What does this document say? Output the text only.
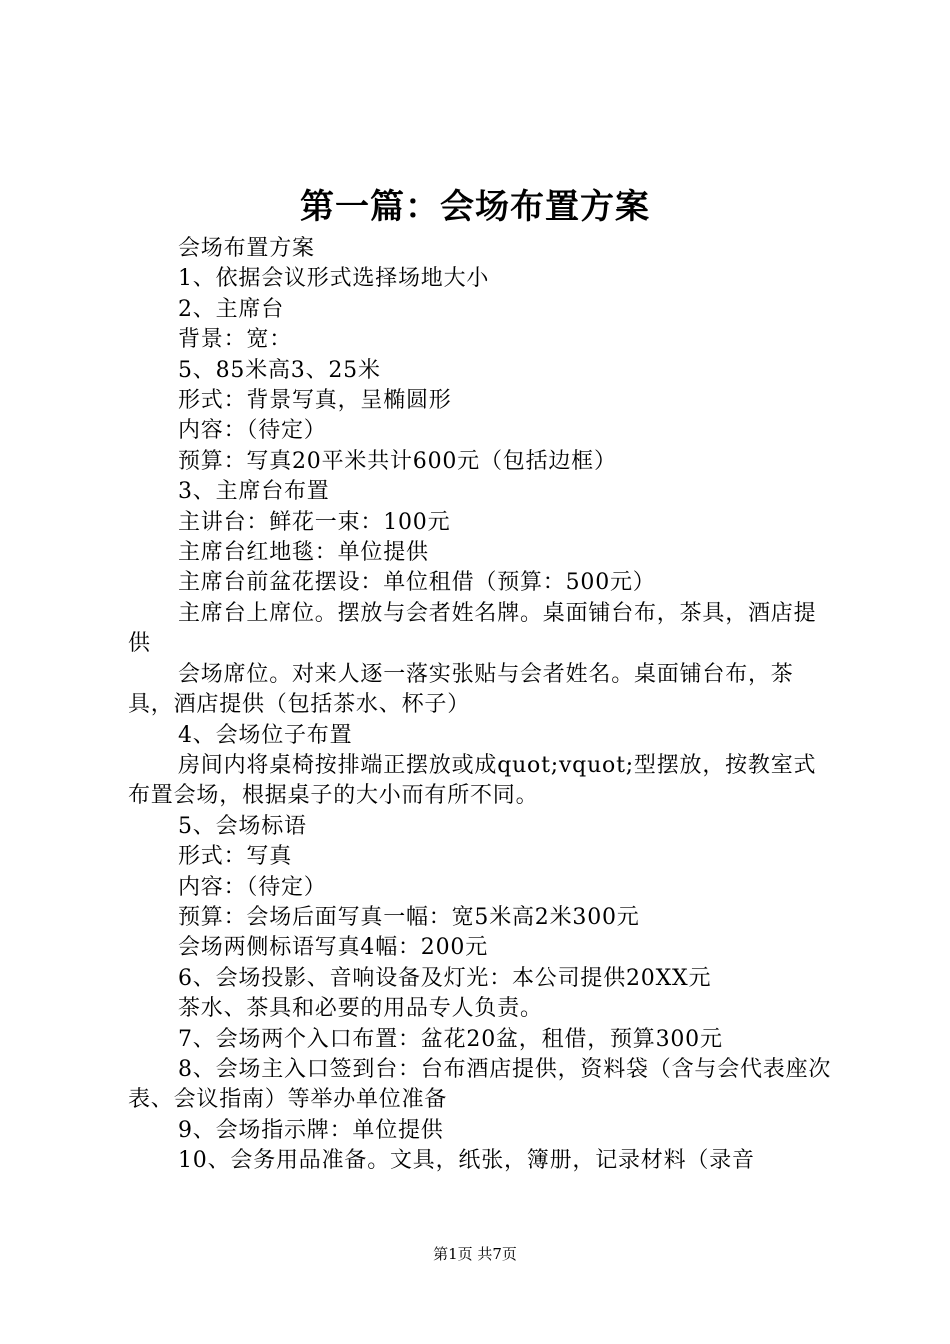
第一篇：会场布置方案

会场布置方案

1、依据会议形式选择场地大小

2、主席台

背景：宽：

5、85米高3、25米

形式：背景写真，呈椭圆形

内容：（待定）

预算：写真20平米共计600元（包括边框）

3、主席台布置

主讲台：鲜花一束：100元

主席台红地毯：单位提供

主席台前盆花摆设：单位租借（预算：500元）

主席台上席位。摆放与会者姓名牌。桌面铺台布，茶具，酒店提供

会场席位。对来人逐一落实张贴与会者姓名。桌面铺台布，茶具，酒店提供（包括茶水、杯子）

4、会场位子布置

房间内将桌椅按排端正摆放或成quot;vquot;型摆放，按教室式布置会场，根据桌子的大小而有所不同。

5、会场标语

形式：写真

内容：（待定）

预算：会场后面写真一幅：宽5米高2米300元

会场两侧标语写真4幅：200元

6、会场投影、音响设备及灯光：本公司提供20XX元

茶水、茶具和必要的用品专人负责。

7、会场两个入口布置：盆花20盆，租借，预算300元

8、会场主入口签到台：台布酒店提供，资料袋（含与会代表座次表、会议指南）等举办单位准备

9、会场指示牌：单位提供

10、会务用品准备。文具，纸张，簿册，记录材料（录音

第1页 共7页
